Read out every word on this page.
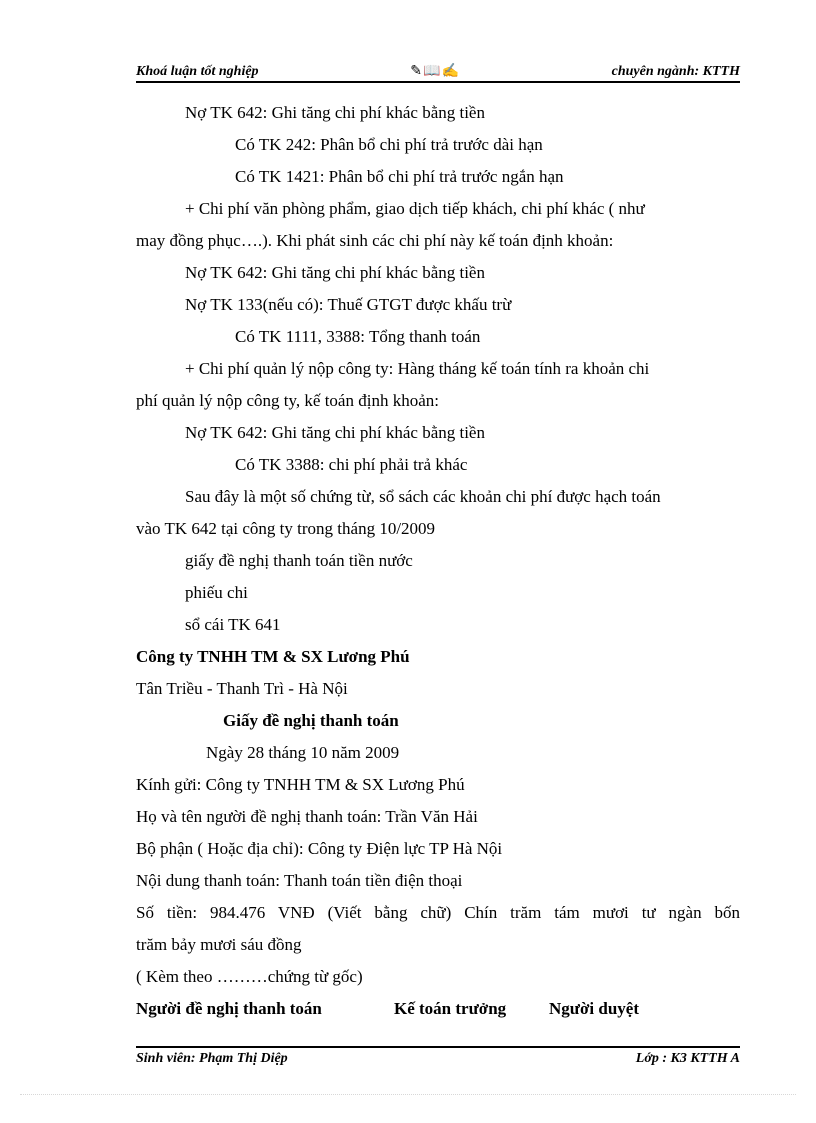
Khoá luận tốt nghiệp	✎📖✍	chuyên ngành: KTTH
Nợ TK 642: Ghi tăng chi phí khác bằng tiền
Có TK 242: Phân bổ chi phí trả trước dài hạn
Có TK 1421: Phân bổ chi phí trả trước ngắn hạn
+ Chi phí văn phòng phẩm, giao dịch tiếp khách, chi phí khác ( như
may đồng phục….). Khi phát sinh các chi phí này kế toán định khoản:
Nợ TK 642: Ghi tăng chi phí khác bằng tiền
Nợ TK 133(nếu có): Thuế GTGT được khấu trừ
Có TK 1111, 3388: Tổng thanh toán
+ Chi phí quản lý nộp công ty: Hàng tháng kế toán tính ra khoản chi
phí quản lý nộp công ty, kế toán định khoản:
Nợ TK 642: Ghi tăng chi phí khác bằng tiền
Có TK 3388: chi phí phải trả khác
Sau đây là một số chứng từ, sổ sách các khoản chi phí được hạch toán
vào TK 642 tại công ty trong tháng 10/2009
giấy đề nghị thanh toán tiền nước
phiếu chi
sổ cái TK 641
Công ty TNHH TM & SX Lương Phú
Tân Triều - Thanh Trì - Hà Nội
Giấy đề nghị thanh toán
Ngày 28 tháng 10 năm 2009
Kính gửi: Công ty TNHH TM & SX Lương Phú
Họ và tên người đề nghị thanh toán: Trần Văn Hải
Bộ phận ( Hoặc địa chỉ): Công ty Điện lực TP Hà Nội
Nội dung thanh toán: Thanh toán tiền điện thoại
Số tiền: 984.476 VNĐ (Viết bằng chữ) Chín trăm tám mươi tư ngàn bốn
trăm bảy mươi sáu đồng
( Kèm theo ………chứng từ gốc)
Người đề nghị thanh toán	Kế toán trưởng	Người duyệt
Sinh viên: Phạm Thị Diệp	Lớp : K3 KTTH A
